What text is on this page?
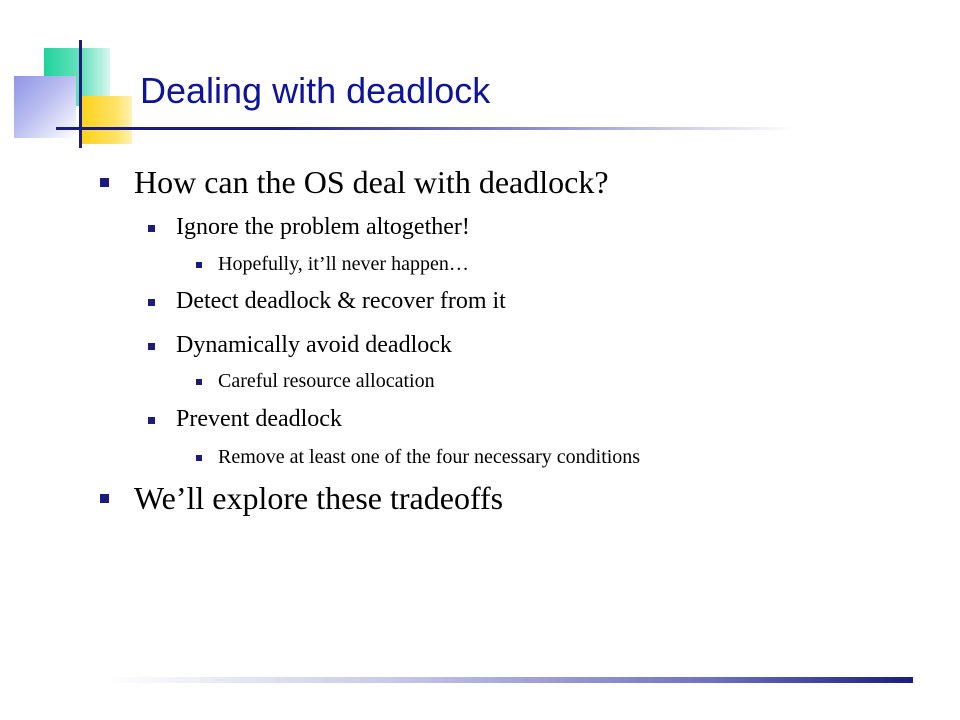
Dealing with deadlock
How can the OS deal with deadlock?
Ignore the problem altogether!
Hopefully, it’ll never happen…
Detect deadlock & recover from it
Dynamically avoid deadlock
Careful resource allocation
Prevent deadlock
Remove at least one of the four necessary conditions
We’ll explore these tradeoffs
